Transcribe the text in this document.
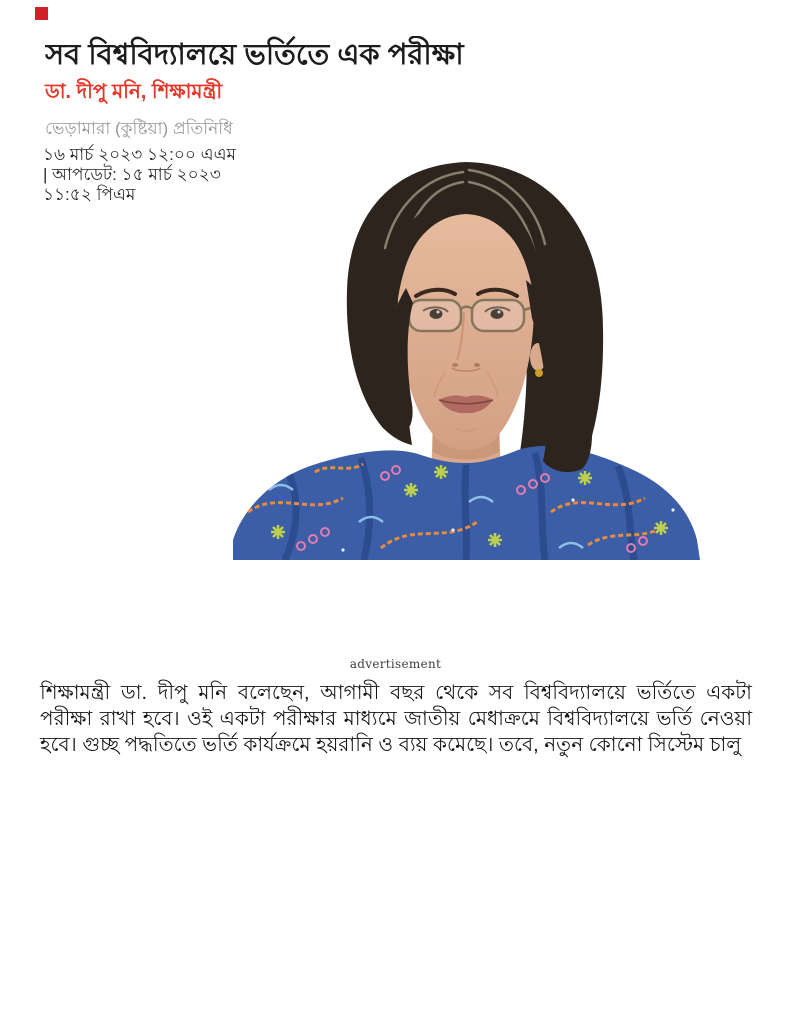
সব বিশ্ববিদ্যালয়ে ভর্তিতে এক পরীক্ষা
ডা. দীপু মনি, শিক্ষামন্ত্রী
ভেড়ামারা (কুষ্টিয়া) প্রতিনিধি
১৬ মার্চ ২০২৩ ১২:০০ এএম
| আপডেট: ১৫ মার্চ ২০২৩
১১:৫২ পিএম
advertisement

শিক্ষামন্ত্রী ডা. দীপু মনি বলেছেন, আগামী বছর থেকে সব বিশ্ববিদ্যালয়ে ভর্তিতে একটা পরীক্ষা রাখা হবে। ওই একটা পরীক্ষার মাধ্যমে জাতীয় মেধাক্রমে বিশ্ববিদ্যালয়ে ভর্তি নেওয়া হবে। গুচ্ছ পদ্ধতিতে ভর্তি কার্যক্রমে হয়রানি ও ব্যয় কমেছে। তবে, নতুন কোনো সিস্টেম চালু
